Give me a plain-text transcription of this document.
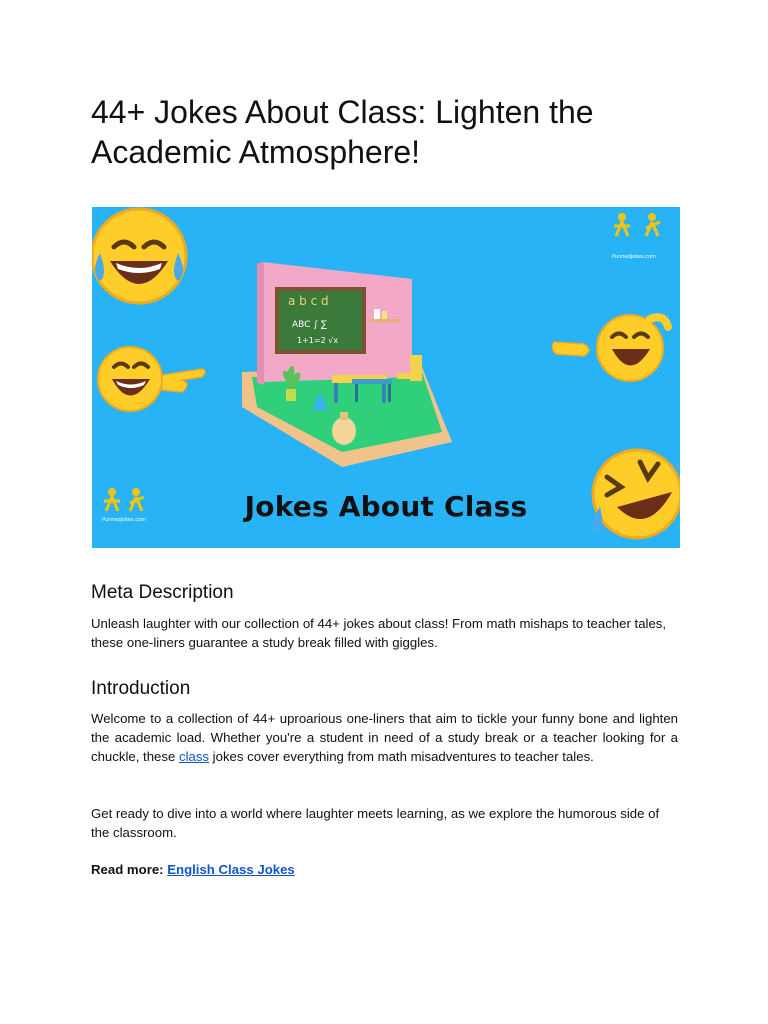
44+ Jokes About Class: Lighten the Academic Atmosphere!
a b c d
ABC ∫ ∑
1+1=2 √x
PunnedJokes.com
PunnedJokes.com
Jokes About Class
Meta Description

Unleash laughter with our collection of 44+ jokes about class! From math mishaps to teacher tales, these one-liners guarantee a study break filled with giggles.

Introduction

Welcome to a collection of 44+ uproarious one-liners that aim to tickle your funny bone and lighten the academic load. Whether you're a student in need of a study break or a teacher looking for a chuckle, these class jokes cover everything from math misadventures to teacher tales.

Get ready to dive into a world where laughter meets learning, as we explore the humorous side of the classroom.

Read more: English Class Jokes
